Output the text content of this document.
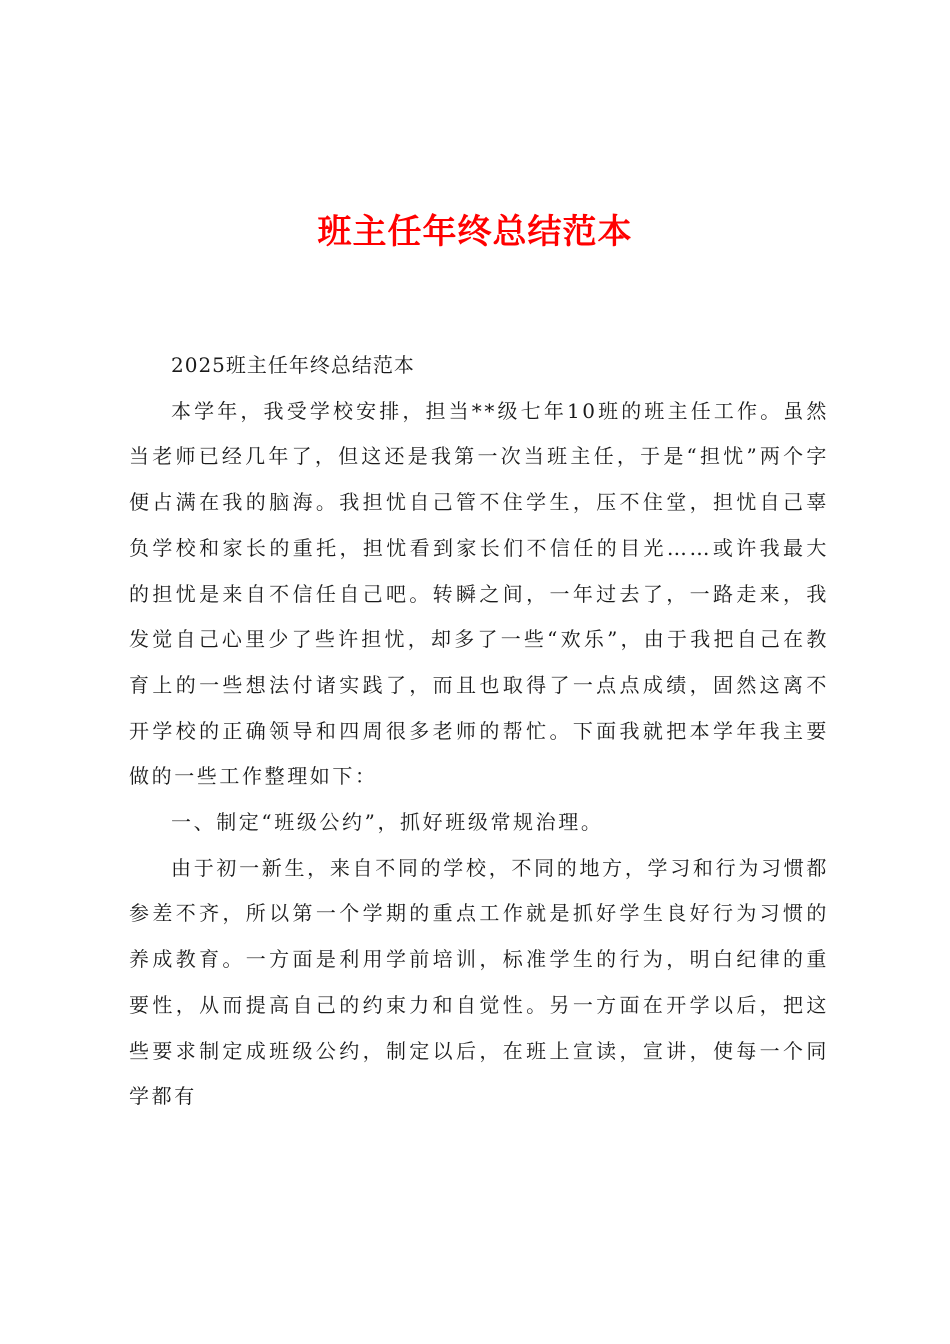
班主任年终总结范本

2025班主任年终总结范本

本学年，我受学校安排，担当**级七年10班的班主任工作。虽然当老师已经几年了，但这还是我第一次当班主任，于是“担忧”两个字便占满在我的脑海。我担忧自己管不住学生，压不住堂，担忧自己辜负学校和家长的重托，担忧看到家长们不信任的目光……或许我最大的担忧是来自不信任自己吧。转瞬之间，一年过去了，一路走来，我发觉自己心里少了些许担忧，却多了一些“欢乐”，由于我把自己在教育上的一些想法付诸实践了，而且也取得了一点点成绩，固然这离不开学校的正确领导和四周很多老师的帮忙。下面我就把本学年我主要做的一些工作整理如下：

一、制定“班级公约”，抓好班级常规治理。

由于初一新生，来自不同的学校，不同的地方，学习和行为习惯都参差不齐，所以第一个学期的重点工作就是抓好学生良好行为习惯的养成教育。一方面是利用学前培训，标准学生的行为，明白纪律的重要性，从而提高自己的约束力和自觉性。另一方面在开学以后，把这些要求制定成班级公约，制定以后，在班上宣读，宣讲，使每一个同学都有
